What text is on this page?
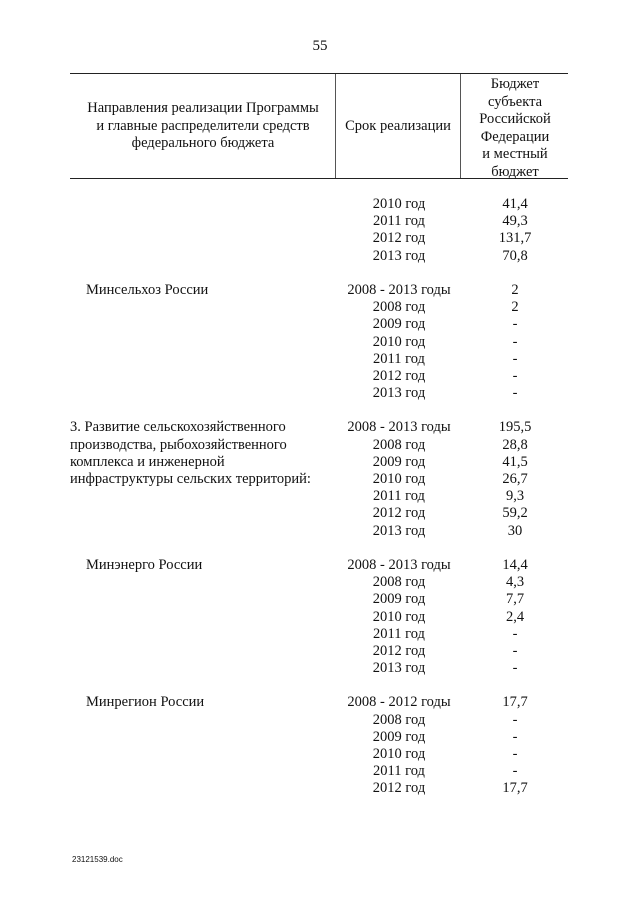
55
Направления реализации Программы
и главные распределители средств
федерального бюджета
Срок реализации
Бюджет
субъекта
Российской
Федерации
и местный
бюджет
2010 год	41,4
2011 год	49,3
2012 год	131,7
2013 год	70,8
Минсельхоз России	2008 - 2013 годы	2
2008 год	2
2009 год	-
2010 год	-
2011 год	-
2012 год	-
2013 год	-
3. Развитие сельскохозяйственного	2008 - 2013 годы	195,5
производства, рыбохозяйственного	2008 год	28,8
комплекса и инженерной	2009 год	41,5
инфраструктуры сельских территорий:	2010 год	26,7
2011 год	9,3
2012 год	59,2
2013 год	30
Минэнерго России	2008 - 2013 годы	14,4
2008 год	4,3
2009 год	7,7
2010 год	2,4
2011 год	-
2012 год	-
2013 год	-
Минрегион России	2008 - 2012 годы	17,7
2008 год	-
2009 год	-
2010 год	-
2011 год	-
2012 год	17,7
23121539.doc
